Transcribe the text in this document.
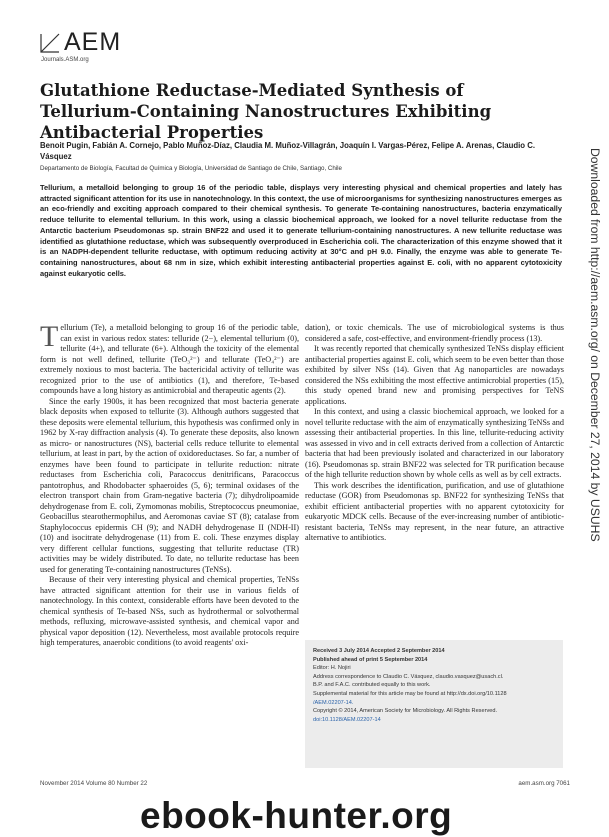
AEM
Journals.ASM.org
Glutathione Reductase-Mediated Synthesis of Tellurium-Containing Nanostructures Exhibiting Antibacterial Properties
Benoit Pugin, Fabián A. Cornejo, Pablo Muñoz-Díaz, Claudia M. Muñoz-Villagrán, Joaquín I. Vargas-Pérez, Felipe A. Arenas, Claudio C. Vásquez
Departamento de Biología, Facultad de Química y Biología, Universidad de Santiago de Chile, Santiago, Chile

Tellurium, a metalloid belonging to group 16 of the periodic table, displays very interesting physical and chemical properties and lately has attracted significant attention for its use in nanotechnology. In this context, the use of microorganisms for synthesizing nanostructures emerges as an eco-friendly and exciting approach compared to their chemical synthesis. To generate Te-containing nanostructures, bacteria enzymatically reduce tellurite to elemental tellurium. In this work, using a classic biochemical approach, we looked for a novel tellurite reductase from the Antarctic bacterium Pseudomonas sp. strain BNF22 and used it to generate tellurium-containing nanostructures. A new tellurite reductase was identified as glutathione reductase, which was subsequently overproduced in Escherichia coli. The characterization of this enzyme showed that it is an NADPH-dependent tellurite reductase, with optimum reducing activity at 30°C and pH 9.0. Finally, the enzyme was able to generate Te-containing nanostructures, about 68 nm in size, which exhibit interesting antibacterial properties against E. coli, with no apparent cytotoxicity against eukaryotic cells.

Tellurium (Te), a metalloid belonging to group 16 of the periodic table, can exist in various redox states: telluride (2−), elemental tellurium (0), tellurite (4+), and tellurate (6+). Although the toxicity of the elemental form is not well defined, tellurite (TeO₃²⁻) and tellurate (TeO₄²⁻) are extremely noxious to most bacteria. The bactericidal activity of tellurite was recognized prior to the use of antibiotics (1), and therefore, Te-based compounds have a long history as antimicrobial and therapeutic agents (2).

Since the early 1900s, it has been recognized that most bacteria generate black deposits when exposed to tellurite (3). Although authors suggested that these deposits were elemental tellurium, this hypothesis was confirmed only in 1962 by X-ray diffraction analysis (4). To generate these deposits, also known as micro- or nanostructures (NS), bacterial cells reduce tellurite to elemental tellurium, at least in part, by the action of oxidoreductases. So far, a number of enzymes have been found to participate in tellurite reduction: nitrate reductases from Escherichia coli, Paracoccus denitrificans, Paracoccus pantotrophus, and Rhodobacter sphaeroides (5, 6); terminal oxidases of the electron transport chain from Gram-negative bacteria (7); dihydrolipoamide dehydrogenase from E. coli, Zymomonas mobilis, Streptococcus pneumoniae, Geobacillus stearothermophilus, and Aeromonas caviae ST (8); catalase from Staphylococcus epidermis CH (9); and NADH dehydrogenase II (NDH-II) (10) and isocitrate dehydrogenase (11) from E. coli. These enzymes display very different cellular functions, suggesting that tellurite reductase (TR) activities may be widely distributed. To date, no tellurite reductase has been used for generating Te-containing nanostructures (TeNSs).

Because of their very interesting physical and chemical properties, TeNSs have attracted significant attention for their use in various fields of nanotechnology. In this context, considerable efforts have been devoted to the chemical synthesis of Te-based NSs, such as hydrothermal or solvothermal methods, refluxing, microwave-assisted synthesis, and chemical vapor and physical vapor deposition (12). Nevertheless, most available protocols require high temperatures, anaerobic conditions (to avoid reagents' oxi-

dation), or toxic chemicals. The use of microbiological systems is thus considered a safe, cost-effective, and environment-friendly process (13).

It was recently reported that chemically synthesized TeNSs display efficient antibacterial properties against E. coli, which seem to be even better than those exhibited by silver NSs (14). Given that Ag nanoparticles are nowadays considered the NSs exhibiting the most effective antimicrobial properties (15), this study opened brand new and promising perspectives for TeNS applications.

In this context, and using a classic biochemical approach, we looked for a novel tellurite reductase with the aim of enzymatically synthesizing TeNSs and assessing their antibacterial properties. In this line, tellurite-reducing activity was assessed in vivo and in cell extracts derived from a collection of Antarctic bacteria that had been previously isolated and characterized in our laboratory (16). Pseudomonas sp. strain BNF22 was selected for TR purification because of the high tellurite reduction shown by whole cells as well as by cell extracts.

This work describes the identification, purification, and use of glutathione reductase (GOR) from Pseudomonas sp. BNF22 for synthesizing TeNSs that exhibit efficient antibacterial properties with no apparent cytotoxicity for eukaryotic MDCK cells. Because of the ever-increasing number of antibiotic-resistant bacteria, TeNSs may represent, in the near future, an attractive alternative to antibiotics.

Received 3 July 2014 Accepted 2 September 2014
Published ahead of print 5 September 2014
Editor: H. Nojiri
Address correspondence to Claudio C. Vásquez, claudio.vasquez@usach.cl.
B.P. and F.A.C. contributed equally to this work.
Supplemental material for this article may be found at http://dx.doi.org/10.1128
/AEM.02207-14.
Copyright © 2014, American Society for Microbiology. All Rights Reserved.
doi:10.1128/AEM.02207-14
November 2014 Volume 80 Number 22	aem.asm.org 7061
Downloaded from http://aem.asm.org/ on December 27, 2014 by USUHS
ebook-hunter.org
